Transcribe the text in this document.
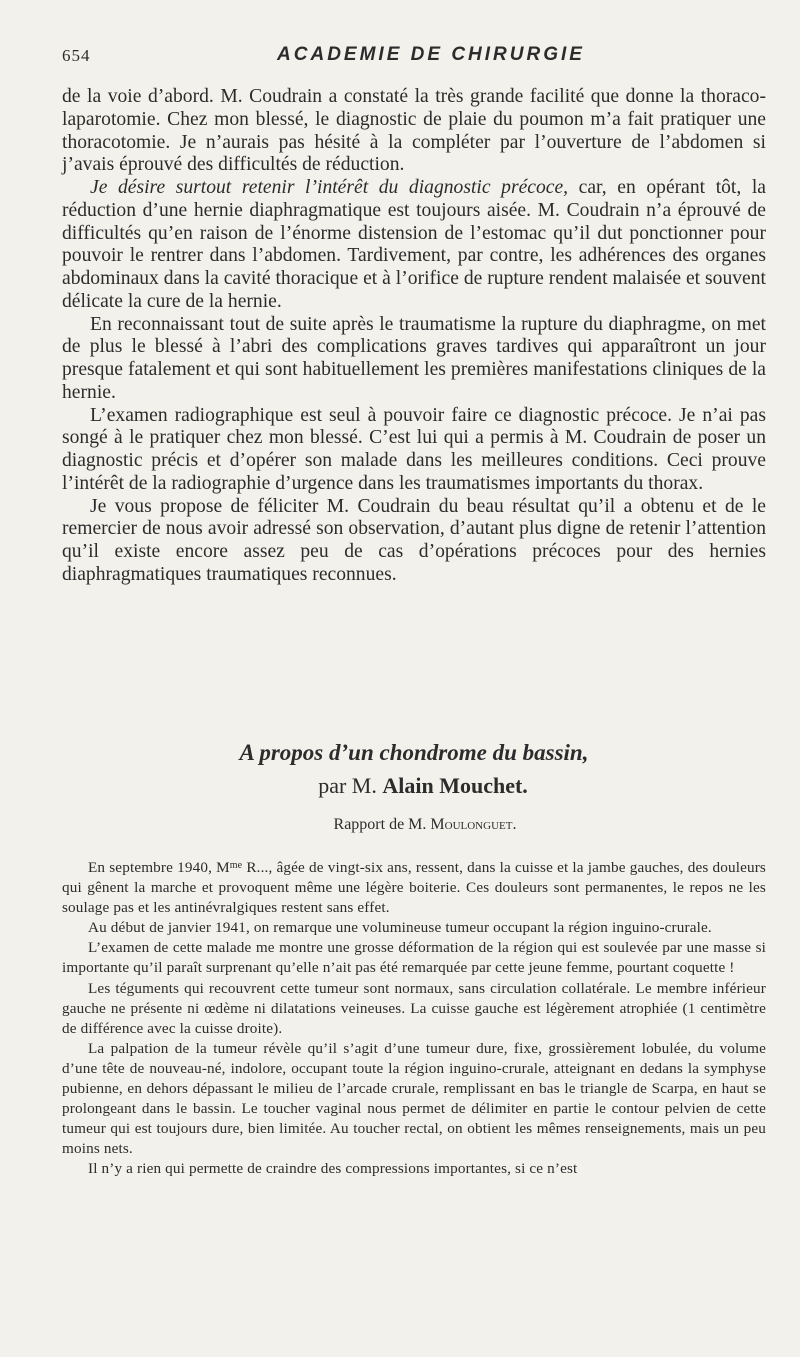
654	ACADEMIE DE CHIRURGIE

de la voie d’abord. M. Coudrain a constaté la très grande facilité que donne la thoraco-laparotomie. Chez mon blessé, le diagnostic de plaie du poumon m’a fait pratiquer une thoracotomie. Je n’aurais pas hésité à la compléter par l’ouverture de l’abdomen si j’avais éprouvé des difficultés de réduction.

Je désire surtout retenir l’intérêt du diagnostic précoce, car, en opérant tôt, la réduction d’une hernie diaphragmatique est toujours aisée. M. Coudrain n’a éprouvé de difficultés qu’en raison de l’énorme distension de l’estomac qu’il dut ponctionner pour pouvoir le rentrer dans l’abdomen. Tardivement, par contre, les adhérences des organes abdominaux dans la cavité thoracique et à l’orifice de rupture rendent malaisée et souvent délicate la cure de la hernie.

En reconnaissant tout de suite après le traumatisme la rupture du diaphragme, on met de plus le blessé à l’abri des complications graves tardives qui apparaîtront un jour presque fatalement et qui sont habituellement les premières manifestations cliniques de la hernie.

L’examen radiographique est seul à pouvoir faire ce diagnostic précoce. Je n’ai pas songé à le pratiquer chez mon blessé. C’est lui qui a permis à M. Coudrain de poser un diagnostic précis et d’opérer son malade dans les meilleures conditions. Ceci prouve l’intérêt de la radiographie d’urgence dans les traumatismes importants du thorax.

Je vous propose de féliciter M. Coudrain du beau résultat qu’il a obtenu et de le remercier de nous avoir adressé son observation, d’autant plus digne de retenir l’attention qu’il existe encore assez peu de cas d’opérations précoces pour des hernies diaphragmatiques traumatiques reconnues.

A propos d’un chondrome du bassin,
par M. Alain Mouchet.
Rapport de M. Moulonguet.

En septembre 1940, $M^{me}$ R..., âgée de vingt-six ans, ressent, dans la cuisse et la jambe gauches, des douleurs qui gênent la marche et provoquent même une légère boiterie. Ces douleurs sont permanentes, le repos ne les soulage pas et les antinévralgiques restent sans effet.

Au début de janvier 1941, on remarque une volumineuse tumeur occupant la région inguino-crurale.

L’examen de cette malade me montre une grosse déformation de la région qui est soulevée par une masse si importante qu’il paraît surprenant qu’elle n’ait pas été remarquée par cette jeune femme, pourtant coquette !

Les téguments qui recouvrent cette tumeur sont normaux, sans circulation collatérale. Le membre inférieur gauche ne présente ni œdème ni dilatations veineuses. La cuisse gauche est légèrement atrophiée (1 centimètre de différence avec la cuisse droite).

La palpation de la tumeur révèle qu’il s’agit d’une tumeur dure, fixe, grossièrement lobulée, du volume d’une tête de nouveau-né, indolore, occupant toute la région inguino-crurale, atteignant en dedans la symphyse pubienne, en dehors dépassant le milieu de l’arcade crurale, remplissant en bas le triangle de Scarpa, en haut se prolongeant dans le bassin. Le toucher vaginal nous permet de délimiter en partie le contour pelvien de cette tumeur qui est toujours dure, bien limitée. Au toucher rectal, on obtient les mêmes renseignements, mais un peu moins nets.

Il n’y a rien qui permette de craindre des compressions importantes, si ce n’est
